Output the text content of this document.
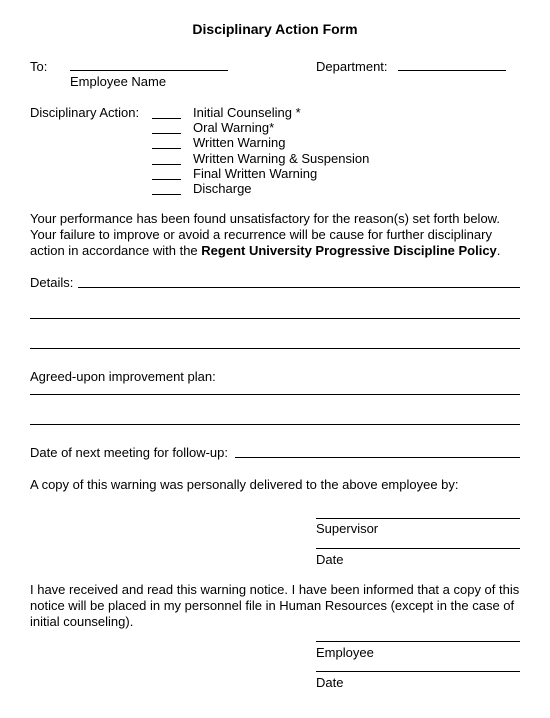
Disciplinary Action Form
To:
Employee Name
Department:
Disciplinary Action:	Initial Counseling *
Oral Warning*
Written Warning
Written Warning & Suspension
Final Written Warning
Discharge
Your performance has been found unsatisfactory for the reason(s) set forth below. Your failure to improve or avoid a recurrence will be cause for further disciplinary action in accordance with the Regent University Progressive Discipline Policy.
Details:
Agreed-upon improvement plan:
Date of next meeting for follow-up:
A copy of this warning was personally delivered to the above employee by:
Supervisor
Date
I have received and read this warning notice. I have been informed that a copy of this notice will be placed in my personnel file in Human Resources (except in the case of initial counseling).
Employee
Date
